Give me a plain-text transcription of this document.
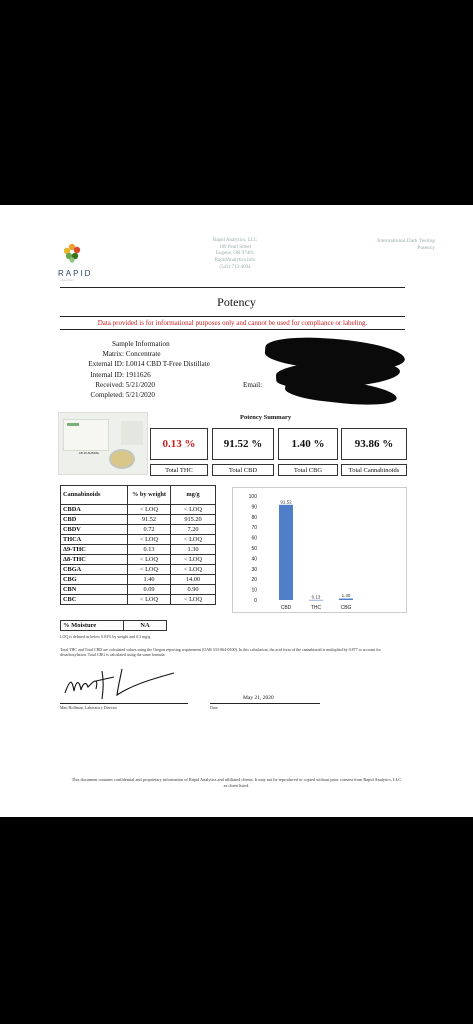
RAPID
ANALYTICS
Rapid Analytics, LLC
189 Pearl Street
Eugene, OR 97401
RapidAnalytics.Info
(541) 713-4094
International Dark Testing
Potency
Potency
Data provided is for informational purposes only and cannot be used for compliance or labeling.
Sample Information
Matrix: Concentrate
External ID: L0014 CBD T-Free Distillate
Internal ID: 1911626
Received: 5/21/2020
Completed: 5/21/2020
Email:
LB 16 AUSSSL
Potency Summary
0.13 %	91.52 %	1.40 %	93.86 %
Total THC	Total CBD	Total CBG	Total Cannabinoids
Cannabinoids	% by weight	mg/g
CBDA	< LOQ	< LOQ
CBD	91.52	915.20
CBDV	0.72	7.20
THCA	< LOQ	< LOQ
Δ9-THC	0.13	1.30
Δ8-THC	< LOQ	< LOQ
CBGA	< LOQ	< LOQ
CBG	1.40	14.00
CBN	0.09	0.90
CBC	< LOQ	< LOQ
100
90
80
70
60
50
40
30
20
10
0
91.52
CBD
0.13
THC
1.40
CBG
% Moisture	NA
LOQ is defined as below 0.03% by weight and 0.3 mg/g.
Total THC and Total CBD are calculated values using the Oregon reporting requirement (OAR 333-064-0100). In this calculation, the acid form of the cannabinoid is multiplied by 0.877 to account for decarboxylation. Total CBG is calculated using the same formula.
Matt Hoffman, Laboratory Director
May 21, 2020
Date
This document contains confidential and proprietary information of Rapid Analytics and affiliated clients. It may not be reproduced or copied without prior consent from Rapid Analytics, LLC as client listed.
